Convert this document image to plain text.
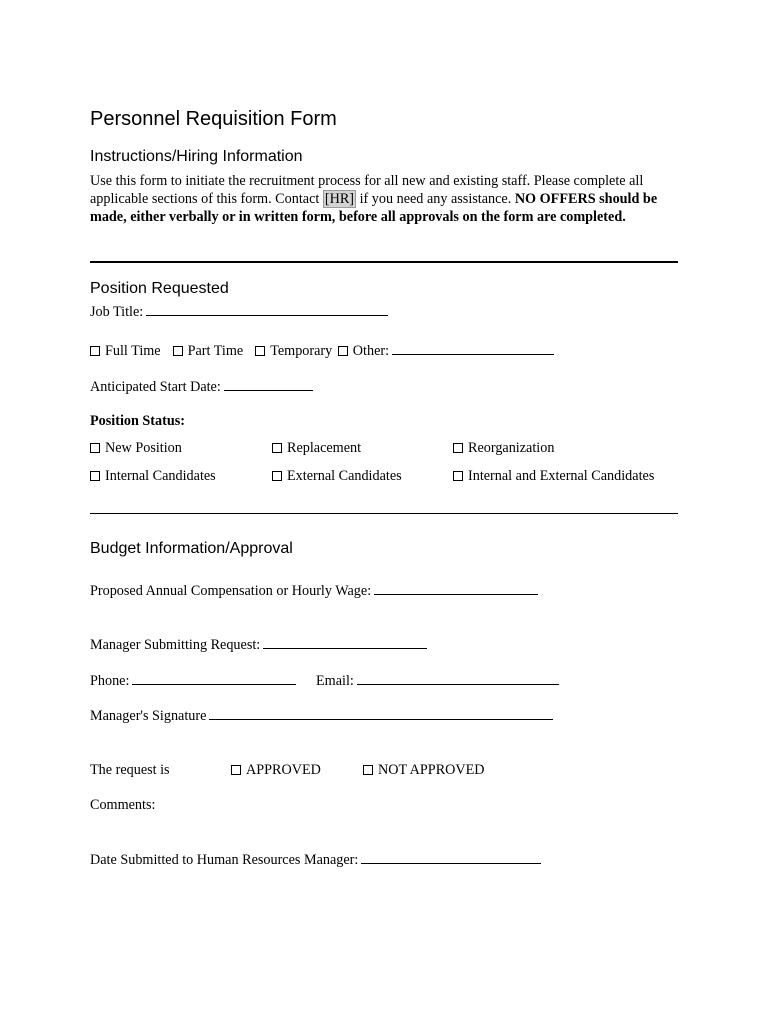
Personnel Requisition Form
Instructions/Hiring Information
Use this form to initiate the recruitment process for all new and existing staff. Please complete all applicable sections of this form. Contact [HR] if you need any assistance. NO OFFERS should be made, either verbally or in written form, before all approvals on the form are completed.
Position Requested
Job Title:
Full Time Part Time Temporary Other:
Anticipated Start Date:
Position Status:
New Position	Replacement	Reorganization
Internal Candidates	External Candidates	Internal and External Candidates
Budget Information/Approval
Proposed Annual Compensation or Hourly Wage:
Manager Submitting Request:
Phone:	Email:
Manager's Signature
The request is	APPROVED	NOT APPROVED
Comments:
Date Submitted to Human Resources Manager:
